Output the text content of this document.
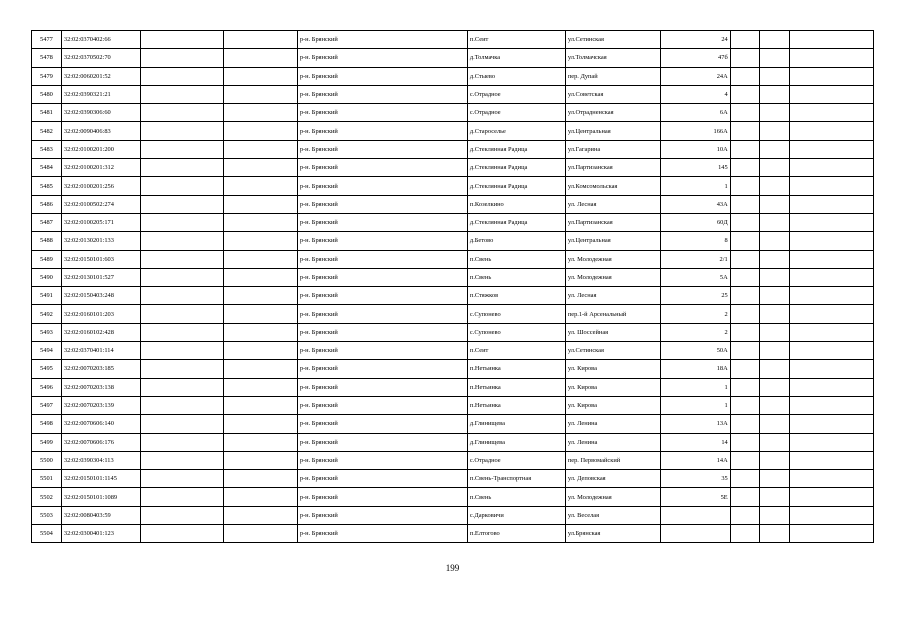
5477	32:02:0370402:66			р-н. Брянский	п.Сеит	ул.Сетинская	24			
5478	32:02:0370502:70			р-н. Брянский	д.Толмачка	ул.Толмачская	47б			
5479	32:02:0060201:52			р-н. Брянский	д.Стыево	пер. Дупай	24А			
5480	32:02:0390321:21			р-н. Брянский	с.Отрадное	ул.Советская	4			
5481	32:02:0390306:60			р-н. Брянский	с.Отрадное	ул.Отрадненская	6А			
5482	32:02:0090406:83			р-н. Брянский	д.Староселье	ул.Центральная	166А			
5483	32:02:0100201:200			р-н. Брянский	д.Стеклянная Радица	ул.Гагарина	10А			
5484	32:02:0100201:312			р-н. Брянский	д.Стеклянная Радица	ул.Партизанская	145			
5485	32:02:0100201:256			р-н. Брянский	д.Стеклянная Радица	ул.Комсомольская	1			
5486	32:02:0100502:274			р-н. Брянский	п.Козелкино	ул. Лесная	43А			
5487	32:02:0100205:171			р-н. Брянский	д.Стеклянная Радица	ул.Партизанская	60Д			
5488	32:02:0130201:133			р-н. Брянский	д.Бетово	ул.Центральная	8			
5489	32:02:0150101:603			р-н. Брянский	п.Свень	ул. Молодежная	2/1			
5490	32:02:0130101:527			р-н. Брянский	п.Свень	ул. Молодежная	5А			
5491	32:02:0150403:248			р-н. Брянский	п.Стяжков	ул. Лесная	25			
5492	32:02:0160101:203			р-н. Брянский	с.Супонево	пер.1-й Арсенальный	2			
5493	32:02:0160102:428			р-н. Брянский	с.Супонево	ул. Шоссейная	2			
5494	32:02:0370401:114			р-н. Брянский	п.Сеит	ул.Сетинская	50А			
5495	32:02:0070203:185			р-н. Брянский	п.Нетьинка	ул. Кирова	18А			
5496	32:02:0070203:138			р-н. Брянский	п.Нетьинка	ул. Кирова	1			
5497	32:02:0070203:139			р-н. Брянский	п.Нетьинка	ул. Кирова	1			
5498	32:02:0070606:140			р-н. Брянский	д.Глинищева	ул. Ленина	13А			
5499	32:02:0070606:176			р-н. Брянский	д.Глинищева	ул. Ленина	14			
5500	32:02:0390304:113			р-н. Брянский	с.Отрадное	пер. Первомайский	14А			
5501	32:02:0150101:1145			р-н. Брянский	п.Свень-Транспортная	ул. Деповская	35			
5502	32:02:0150101:1089			р-н. Брянский	п.Свень	ул. Молодежная	5Е			
5503	32:02:0080403:59			р-н. Брянский	с.Дарковичи	ул. Веселая				
5504	32:02:0300401:123			р-н. Брянский	п.Елтогово	ул.Брянская				
199
